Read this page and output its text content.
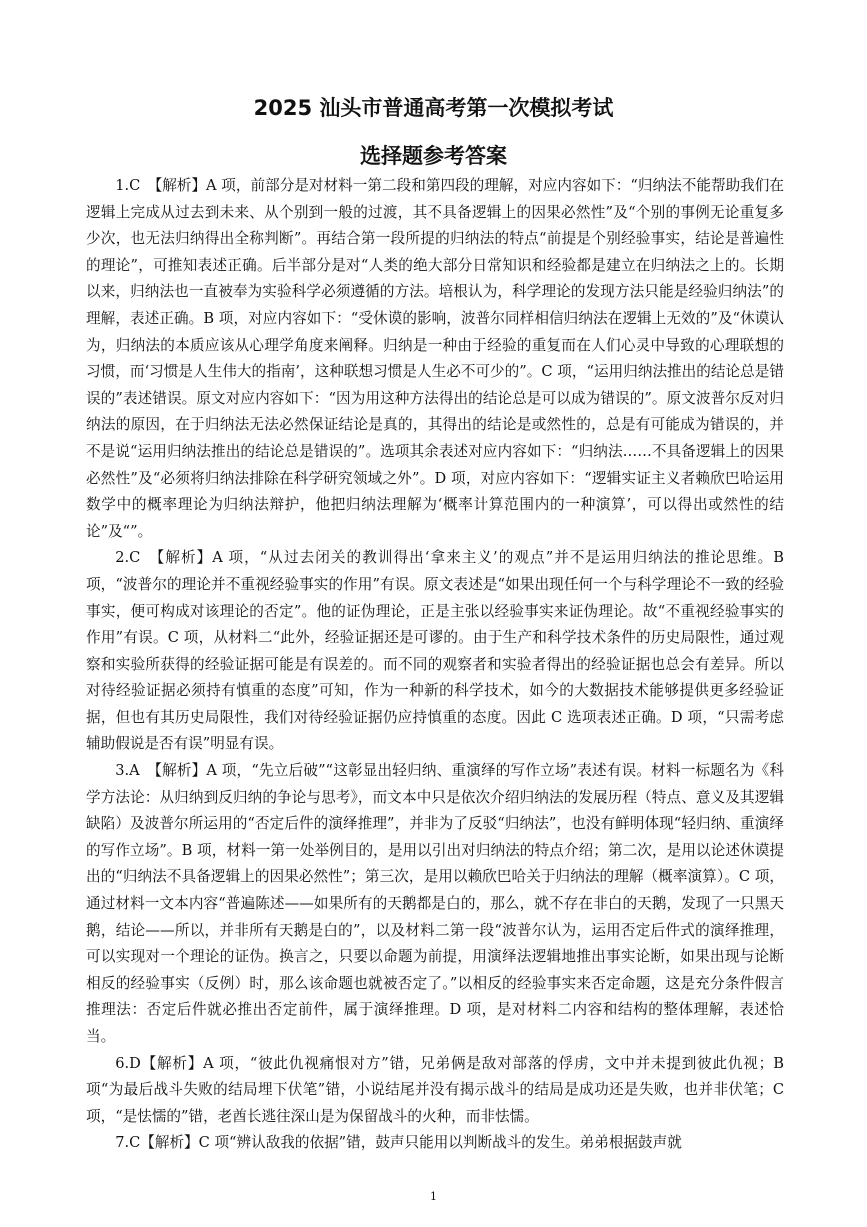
2025 汕头市普通高考第一次模拟考试
选择题参考答案

1.C　【解析】A 项，前部分是对材料一第二段和第四段的理解，对应内容如下：“归纳法不能帮助我们在逻辑上完成从过去到未来、从个别到一般的过渡，其不具备逻辑上的因果必然性”及“个别的事例无论重复多少次，也无法归纳得出全称判断”。再结合第一段所提的归纳法的特点“前提是个别经验事实，结论是普遍性的理论”，可推知表述正确。后半部分是对“人类的绝大部分日常知识和经验都是建立在归纳法之上的。长期以来，归纳法也一直被奉为实验科学必须遵循的方法。培根认为，科学理论的发现方法只能是经验归纳法”的理解，表述正确。B 项，对应内容如下：“受休谟的影响，波普尔同样相信归纳法在逻辑上无效的”及“休谟认为，归纳法的本质应该从心理学角度来阐释。归纳是一种由于经验的重复而在人们心灵中导致的心理联想的习惯，而‘习惯是人生伟大的指南’，这种联想习惯是人生必不可少的”。C 项，“运用归纳法推出的结论总是错误的”表述错误。原文对应内容如下：“因为用这种方法得出的结论总是可以成为错误的”。原文波普尔反对归纳法的原因，在于归纳法无法必然保证结论是真的，其得出的结论是或然性的，总是有可能成为错误的，并不是说“运用归纳法推出的结论总是错误的”。选项其余表述对应内容如下：“归纳法……不具备逻辑上的因果必然性”及“必须将归纳法排除在科学研究领域之外”。D 项，对应内容如下：“逻辑实证主义者赖欣巴哈运用数学中的概率理论为归纳法辩护，他把归纳法理解为‘概率计算范围内的一种演算’，可以得出或然性的结论”及“”。

2.C　【解析】A 项，“从过去闭关的教训得出‘拿来主义’的观点”并不是运用归纳法的推论思维。B 项，“波普尔的理论并不重视经验事实的作用”有误。原文表述是“如果出现任何一个与科学理论不一致的经验事实，便可构成对该理论的否定”。他的证伪理论，正是主张以经验事实来证伪理论。故“不重视经验事实的作用”有误。C 项，从材料二“此外，经验证据还是可谬的。由于生产和科学技术条件的历史局限性，通过观察和实验所获得的经验证据可能是有误差的。而不同的观察者和实验者得出的经验证据也总会有差异。所以对待经验证据必须持有慎重的态度”可知，作为一种新的科学技术，如今的大数据技术能够提供更多经验证据，但也有其历史局限性，我们对待经验证据仍应持慎重的态度。因此 C 选项表述正确。D 项，“只需考虑辅助假说是否有误”明显有误。

3.A　【解析】A 项，“先立后破”“这彰显出轻归纳、重演绎的写作立场”表述有误。材料一标题名为《科学方法论：从归纳到反归纳的争论与思考》，而文本中只是依次介绍归纳法的发展历程（特点、意义及其逻辑缺陷）及波普尔所运用的“否定后件的演绎推理”，并非为了反驳“归纳法”，也没有鲜明体现“轻归纳、重演绎的写作立场”。B 项，材料一第一处举例目的，是用以引出对归纳法的特点介绍；第二次，是用以论述休谟提出的“归纳法不具备逻辑上的因果必然性”；第三次，是用以赖欣巴哈关于归纳法的理解（概率演算）。C 项，通过材料一文本内容“普遍陈述——如果所有的天鹅都是白的，那么，就不存在非白的天鹅，发现了一只黑天鹅，结论——所以，并非所有天鹅是白的”，以及材料二第一段“波普尔认为，运用否定后件式的演绎推理，可以实现对一个理论的证伪。换言之，只要以命题为前提，用演绎法逻辑地推出事实论断，如果出现与论断相反的经验事实（反例）时，那么该命题也就被否定了。”以相反的经验事实来否定命题，这是充分条件假言推理法：否定后件就必推出否定前件，属于演绎推理。D 项，是对材料二内容和结构的整体理解，表述恰当。

6.D【解析】A 项，“彼此仇视痛恨对方”错，兄弟俩是敌对部落的俘虏，文中并未提到彼此仇视；B 项“为最后战斗失败的结局埋下伏笔”错，小说结尾并没有揭示战斗的结局是成功还是失败，也并非伏笔；C 项，“是怯懦的”错，老酋长逃往深山是为保留战斗的火种，而非怯懦。

7.C【解析】C 项“辨认敌我的依据”错，鼓声只能用以判断战斗的发生。弟弟根据鼓声就

1
